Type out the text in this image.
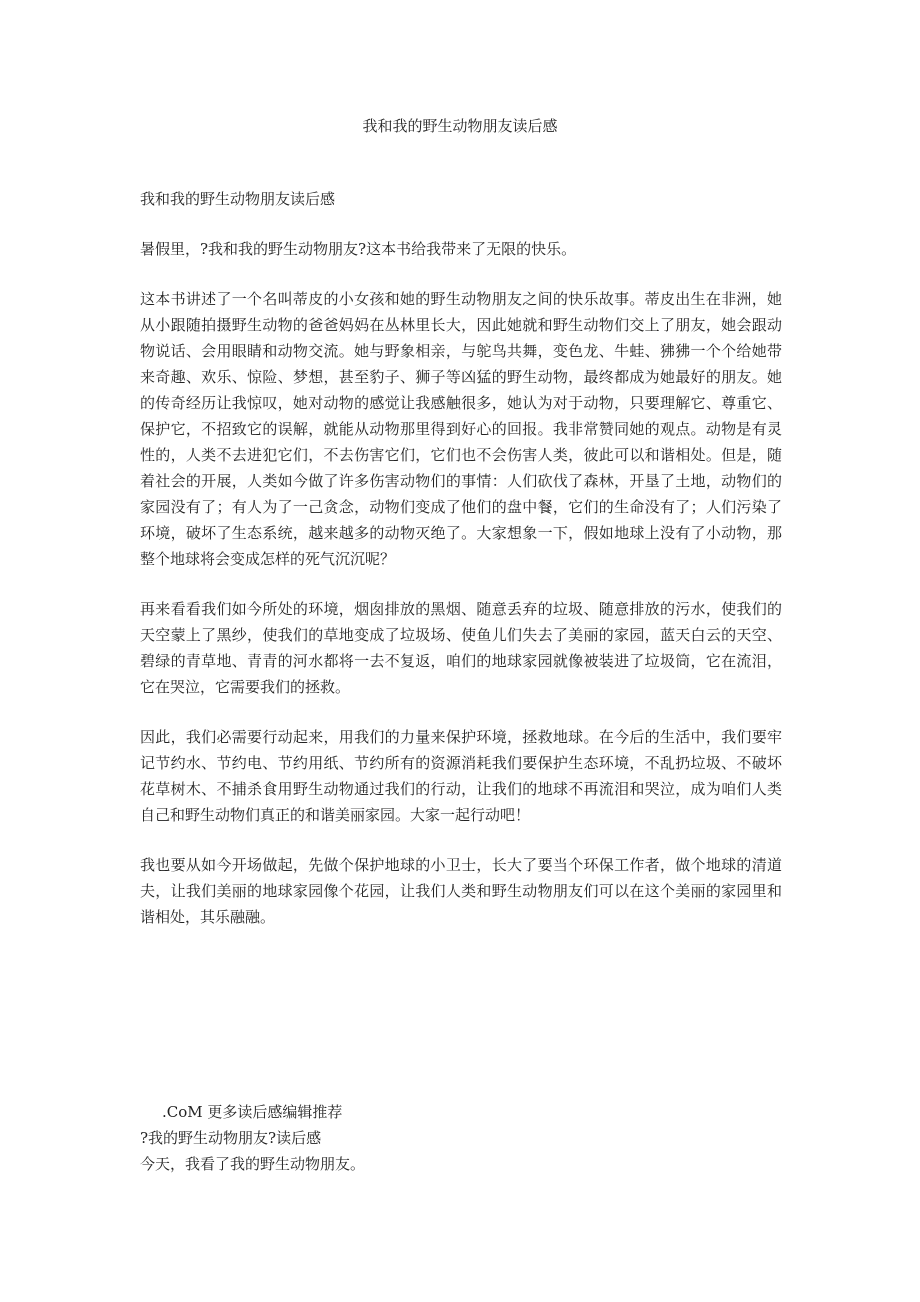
我和我的野生动物朋友读后感

我和我的野生动物朋友读后感

暑假里，?我和我的野生动物朋友?这本书给我带来了无限的快乐。

这本书讲述了一个名叫蒂皮的小女孩和她的野生动物朋友之间的快乐故事。蒂皮出生在非洲，她从小跟随拍摄野生动物的爸爸妈妈在丛林里长大，因此她就和野生动物们交上了朋友，她会跟动物说话、会用眼睛和动物交流。她与野象相亲，与鸵鸟共舞，变色龙、牛蛙、狒狒一个个给她带来奇趣、欢乐、惊险、梦想，甚至豹子、狮子等凶猛的野生动物，最终都成为她最好的朋友。她的传奇经历让我惊叹，她对动物的感觉让我感触很多，她认为对于动物，只要理解它、尊重它、保护它，不招致它的误解，就能从动物那里得到好心的回报。我非常赞同她的观点。动物是有灵性的，人类不去进犯它们，不去伤害它们，它们也不会伤害人类，彼此可以和谐相处。但是，随着社会的开展，人类如今做了许多伤害动物们的事情：人们砍伐了森林，开垦了土地，动物们的家园没有了；有人为了一己贪念，动物们变成了他们的盘中餐，它们的生命没有了；人们污染了环境，破坏了生态系统，越来越多的动物灭绝了。大家想象一下，假如地球上没有了小动物，那整个地球将会变成怎样的死气沉沉呢？

再来看看我们如今所处的环境，烟囱排放的黑烟、随意丢弃的垃圾、随意排放的污水，使我们的天空蒙上了黑纱，使我们的草地变成了垃圾场、使鱼儿们失去了美丽的家园，蓝天白云的天空、碧绿的青草地、青青的河水都将一去不复返，咱们的地球家园就像被装进了垃圾筒，它在流泪，它在哭泣，它需要我们的拯救。

因此，我们必需要行动起来，用我们的力量来保护环境，拯救地球。在今后的生活中，我们要牢记节约水、节约电、节约用纸、节约所有的资源消耗我们要保护生态环境，不乱扔垃圾、不破坏花草树木、不捕杀食用野生动物通过我们的行动，让我们的地球不再流泪和哭泣，成为咱们人类自己和野生动物们真正的和谐美丽家园。大家一起行动吧！

我也要从如今开场做起，先做个保护地球的小卫士，长大了要当个环保工作者，做个地球的清道夫，让我们美丽的地球家园像个花园，让我们人类和野生动物朋友们可以在这个美丽的家园里和谐相处，其乐融融。

.CoM 更多读后感编辑推荐
?我的野生动物朋友?读后感
今天，我看了我的野生动物朋友。
